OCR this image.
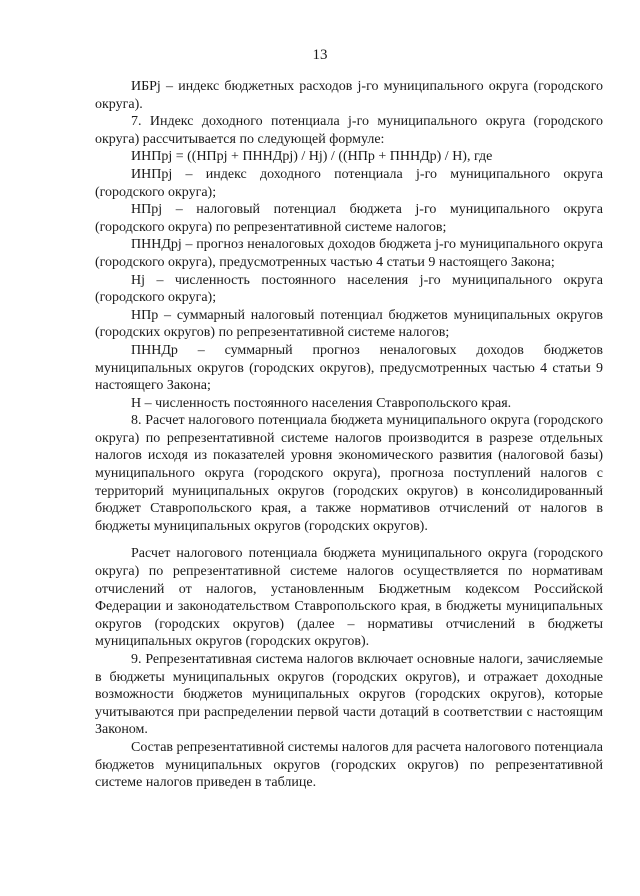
13

ИБРj – индекс бюджетных расходов j-го муниципального округа (городского округа).

7. Индекс доходного потенциала j-го муниципального округа (городского округа) рассчитывается по следующей формуле:

ИНПpj = ((НПpj + ПННДpj) / Нj) / ((НПp + ПННДp) / Н), где

ИНПpj – индекс доходного потенциала j-го муниципального округа (городского округа);

НПpj – налоговый потенциал бюджета j-го муниципального округа (городского округа) по репрезентативной системе налогов;

ПННДpj – прогноз неналоговых доходов бюджета j-го муниципального округа (городского округа), предусмотренных частью 4 статьи 9 настоящего Закона;

Нj – численность постоянного населения j-го муниципального округа (городского округа);

НПp – суммарный налоговый потенциал бюджетов муниципальных округов (городских округов) по репрезентативной системе налогов;

ПННДp – суммарный прогноз неналоговых доходов бюджетов муниципальных округов (городских округов), предусмотренных частью 4 статьи 9 настоящего Закона;

Н – численность постоянного населения Ставропольского края.

8. Расчет налогового потенциала бюджета муниципального округа (городского округа) по репрезентативной системе налогов производится в разрезе отдельных налогов исходя из показателей уровня экономического развития (налоговой базы) муниципального округа (городского округа), прогноза поступлений налогов с территорий муниципальных округов (городских округов) в консолидированный бюджет Ставропольского края, а также нормативов отчислений от налогов в бюджеты муниципальных округов (городских округов).

Расчет налогового потенциала бюджета муниципального округа (городского округа) по репрезентативной системе налогов осуществляется по нормативам отчислений от налогов, установленным Бюджетным кодексом Российской Федерации и законодательством Ставропольского края, в бюджеты муниципальных округов (городских округов) (далее – нормативы отчислений в бюджеты муниципальных округов (городских округов).

9. Репрезентативная система налогов включает основные налоги, зачисляемые в бюджеты муниципальных округов (городских округов), и отражает доходные возможности бюджетов муниципальных округов (городских округов), которые учитываются при распределении первой части дотаций в соответствии с настоящим Законом.

Состав репрезентативной системы налогов для расчета налогового потенциала бюджетов муниципальных округов (городских округов) по репрезентативной системе налогов приведен в таблице.
